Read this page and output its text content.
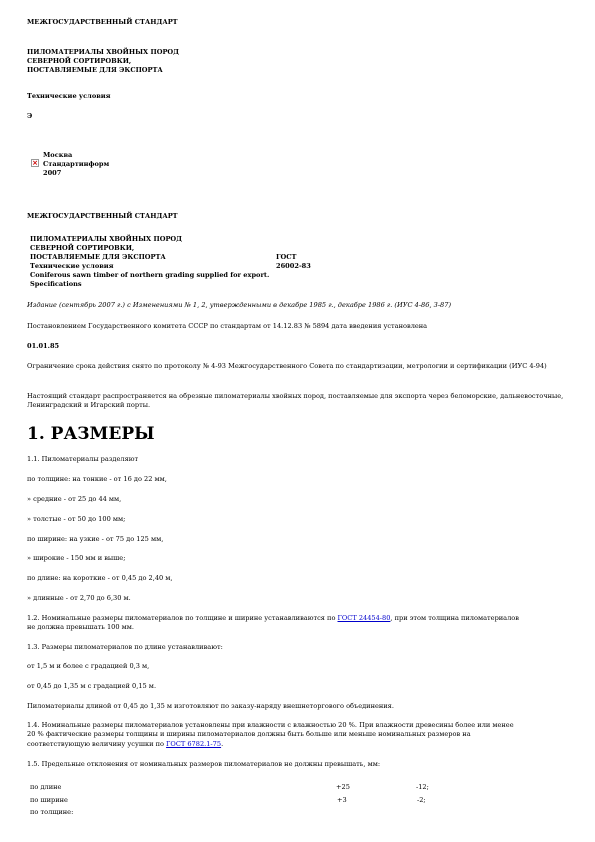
МЕЖГОСУДАРСТВЕННЫЙ СТАНДАРТ
ПИЛОМАТЕРИАЛЫ ХВОЙНЫХ ПОРОД
СЕВЕРНОЙ СОРТИРОВКИ,
ПОСТАВЛЯЕМЫЕ ДЛЯ ЭКСПОРТА
Технические условия
Э
×
Москва
Стандартинформ
2007
МЕЖГОСУДАРСТВЕННЫЙ СТАНДАРТ
ПИЛОМАТЕРИАЛЫ ХВОЙНЫХ ПОРОД
СЕВЕРНОЙ СОРТИРОВКИ,
ПОСТАВЛЯЕМЫЕ ДЛЯ ЭКСПОРТА	ГОСТ
Технические условия	26002-83
Coniferous sawn timber of northern grading supplied for export.
Specifications
Издание (сентябрь 2007 г.) с Изменениями № 1, 2, утвержденными в декабре 1985 г., декабре 1986 г. (ИУС 4-86, 3-87)
Постановлением Государственного комитета СССР по стандартам от 14.12.83 № 5894 дата введения установлена
01.01.85
Ограничение срока действия снято по протоколу № 4-93 Межгосударственного Совета по стандартизации, метрологии и сертификации (ИУС 4-94)
Настоящий стандарт распространяется на обрезные пиломатериалы хвойных пород, поставляемые для экспорта через беломорские, дальневосточные, Ленинградский и Игарский порты.
1. РАЗМЕРЫ
1.1. Пиломатериалы разделяют
по толщине: на тонкие - от 16 до 22 мм,
» средние - от 25 до 44 мм,
» толстые - от 50 до 100 мм;
по ширине: на узкие - от 75 до 125 мм,
» широкие - 150 мм и выше;
по длине: на короткие - от 0,45 до 2,40 м,
» длинные - от 2,70 до 6,30 м.
1.2. Номинальные размеры пиломатериалов по толщине и ширине устанавливаются по ГОСТ 24454-80, при этом толщина пиломатериалов
не должна превышать 100 мм.
1.3. Размеры пиломатериалов по длине устанавливают:
от 1,5 м и более с градацией 0,3 м,
от 0,45 до 1,35 м с градацией 0,15 м.
Пиломатериалы длиной от 0,45 до 1,35 м изготовляют по заказу-наряду внешнеторгового объединения.
1.4. Номинальные размеры пиломатериалов установлены при влажности с влажностью 20 %. При влажности древесины более или менее
20 % фактические размеры толщины и ширины пиломатериалов должны быть больше или меньше номинальных размеров на
соответствующую величину усушки по ГОСТ 6782.1-75.
1.5. Предельные отклонения от номинальных размеров пиломатериалов не должны превышать, мм:
по длине	+25	-12;
по ширине	+3	-2;
по толщине:
